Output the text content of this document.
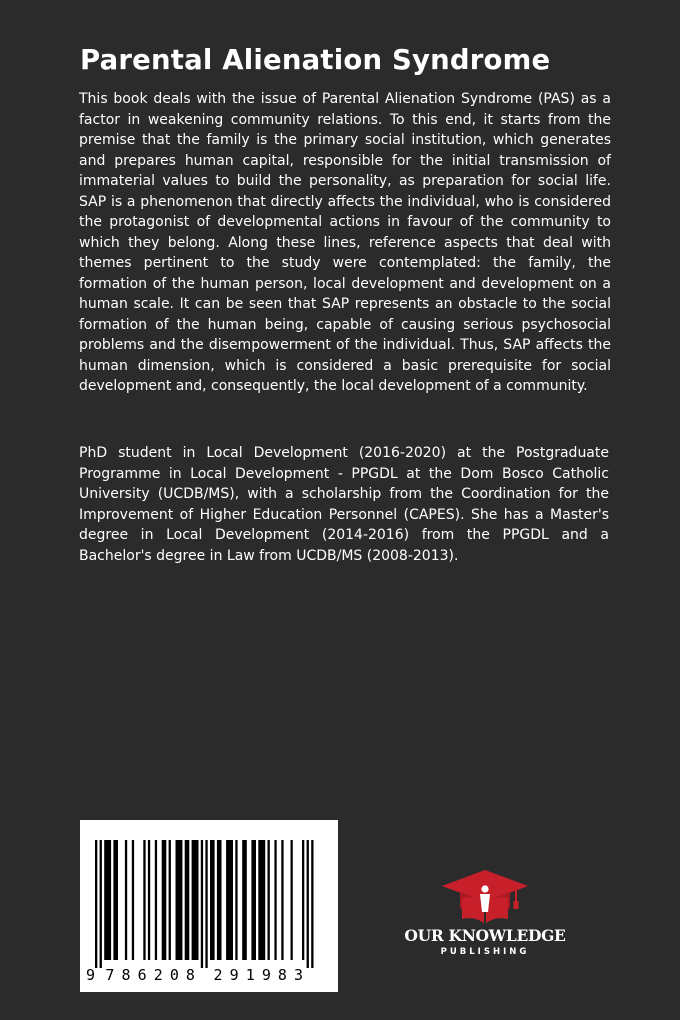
Parental Alienation Syndrome

This book deals with the issue of Parental Alienation Syndrome (PAS) as a factor in weakening community relations. To this end, it starts from the premise that the family is the primary social institution, which generates and prepares human capital, responsible for the initial transmission of immaterial values to build the personality, as preparation for social life. SAP is a phenomenon that directly affects the individual, who is considered the protagonist of developmental actions in favour of the community to which they belong. Along these lines, reference aspects that deal with themes pertinent to the study were contemplated: the family, the formation of the human person, local development and development on a human scale. It can be seen that SAP represents an obstacle to the social formation of the human being, capable of causing serious psychosocial problems and the disempowerment of the individual. Thus, SAP affects the human dimension, which is considered a basic prerequisite for social development and, consequently, the local development of a community.

PhD student in Local Development (2016-2020) at the Postgraduate Programme in Local Development - PPGDL at the Dom Bosco Catholic University (UCDB/MS), with a scholarship from the Coordination for the Improvement of Higher Education Personnel (CAPES). She has a Master's degree in Local Development (2014-2016) from the PPGDL and a Bachelor's degree in Law from UCDB/MS (2008-2013).

9 7 8 6 2 0 8 2 9 1 9 8 3
OUR KNOWLEDGE
PUBLISHING
